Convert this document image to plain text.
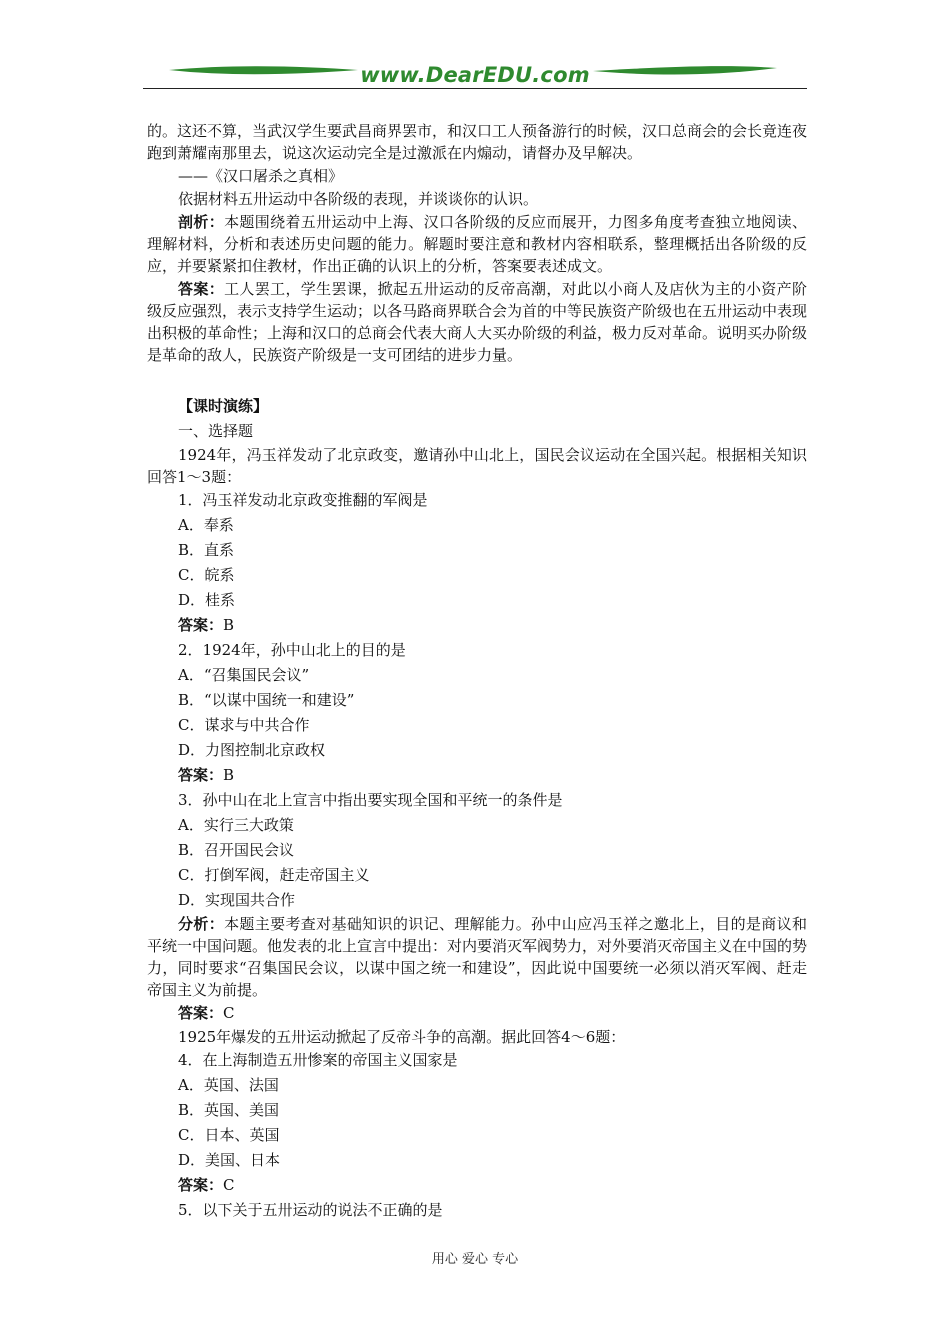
www.DearEDU.com

的。这还不算，当武汉学生要武昌商界罢市，和汉口工人预备游行的时候，汉口总商会的会长竟连夜跑到萧耀南那里去，说这次运动完全是过激派在内煽动，请督办及早解决。

——《汉口屠杀之真相》

依据材料五卅运动中各阶级的表现，并谈谈你的认识。

剖析：本题围绕着五卅运动中上海、汉口各阶级的反应而展开，力图多角度考查独立地阅读、理解材料，分析和表述历史问题的能力。解题时要注意和教材内容相联系，整理概括出各阶级的反应，并要紧紧扣住教材，作出正确的认识上的分析，答案要表述成文。

答案：工人罢工，学生罢课，掀起五卅运动的反帝高潮，对此以小商人及店伙为主的小资产阶级反应强烈，表示支持学生运动；以各马路商界联合会为首的中等民族资产阶级也在五卅运动中表现出积极的革命性；上海和汉口的总商会代表大商人大买办阶级的利益，极力反对革命。说明买办阶级是革命的敌人，民族资产阶级是一支可团结的进步力量。

【课时演练】

一、选择题

1924年，冯玉祥发动了北京政变，邀请孙中山北上，国民会议运动在全国兴起。根据相关知识回答1～3题：

1．冯玉祥发动北京政变推翻的军阀是

A．奉系

B．直系

C．皖系

D．桂系

答案：B

2．1924年，孙中山北上的目的是

A．“召集国民会议”

B．“以谋中国统一和建设”

C．谋求与中共合作

D．力图控制北京政权

答案：B

3．孙中山在北上宣言中指出要实现全国和平统一的条件是

A．实行三大政策

B．召开国民会议

C．打倒军阀，赶走帝国主义

D．实现国共合作

分析：本题主要考查对基础知识的识记、理解能力。孙中山应冯玉祥之邀北上，目的是商议和平统一中国问题。他发表的北上宣言中提出：对内要消灭军阀势力，对外要消灭帝国主义在中国的势力，同时要求“召集国民会议，以谋中国之统一和建设”，因此说中国要统一必须以消灭军阀、赶走帝国主义为前提。

答案：C

1925年爆发的五卅运动掀起了反帝斗争的高潮。据此回答4～6题：

4．在上海制造五卅惨案的帝国主义国家是

A．英国、法国

B．英国、美国

C．日本、英国

D．美国、日本

答案：C

5．以下关于五卅运动的说法不正确的是

用心 爱心 专心
